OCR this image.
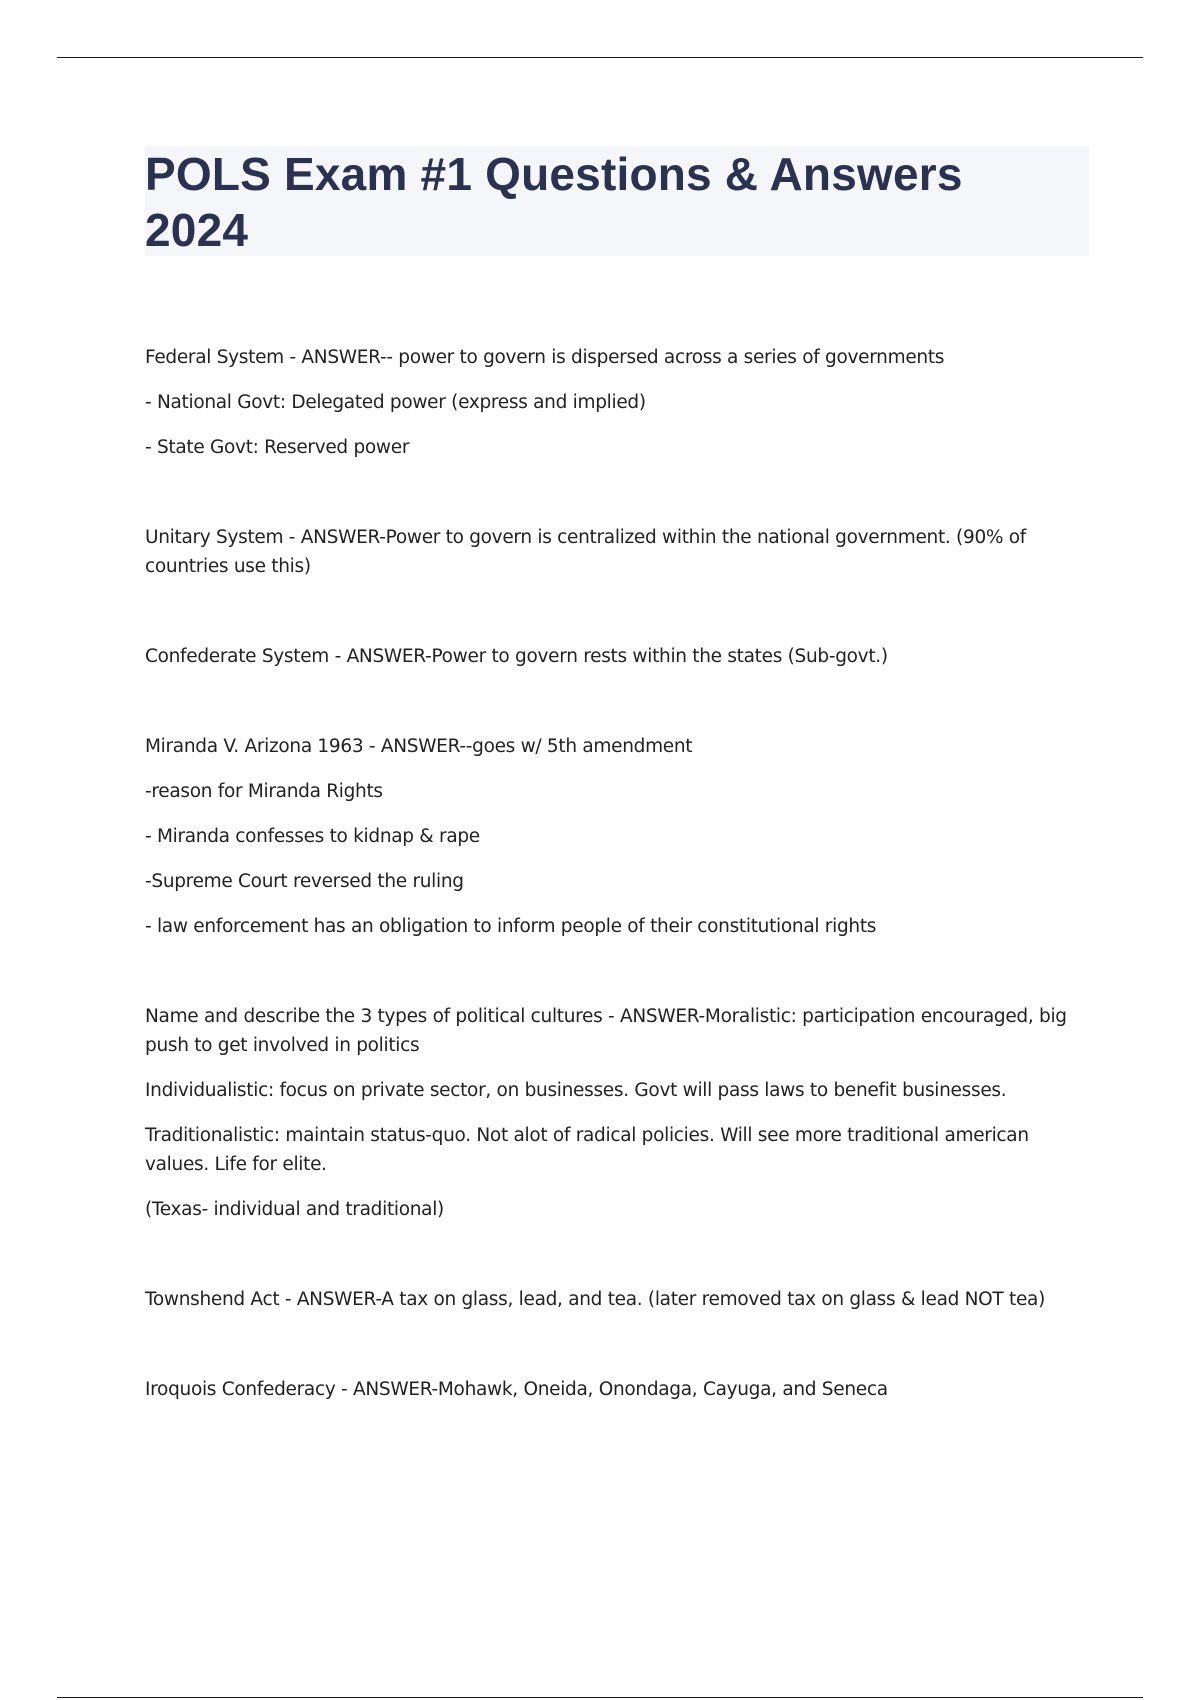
POLS Exam #1 Questions & Answers
2024

Federal System - ANSWER-- power to govern is dispersed across a series of governments

- National Govt: Delegated power (express and implied)

- State Govt: Reserved power

Unitary System - ANSWER-Power to govern is centralized within the national government. (90% of countries use this)

Confederate System - ANSWER-Power to govern rests within the states (Sub-govt.)

Miranda V. Arizona 1963 - ANSWER--goes w/ 5th amendment

-reason for Miranda Rights

- Miranda confesses to kidnap & rape

-Supreme Court reversed the ruling

- law enforcement has an obligation to inform people of their constitutional rights

Name and describe the 3 types of political cultures - ANSWER-Moralistic: participation encouraged, big push to get involved in politics

Individualistic: focus on private sector, on businesses. Govt will pass laws to benefit businesses.

Traditionalistic: maintain status-quo. Not alot of radical policies. Will see more traditional american values. Life for elite.

(Texas- individual and traditional)

Townshend Act - ANSWER-A tax on glass, lead, and tea. (later removed tax on glass & lead NOT tea)

Iroquois Confederacy - ANSWER-Mohawk, Oneida, Onondaga, Cayuga, and Seneca
